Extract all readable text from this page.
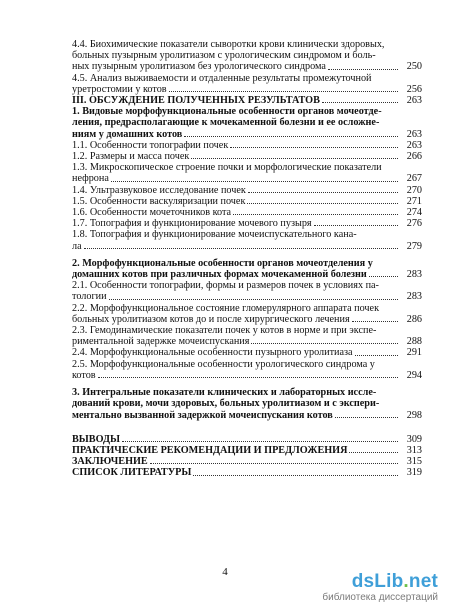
4.4. Биохимические показатели сыворотки крови клинически здоровых,
больных пузырным уролитиазом с урологическим синдромом и боль-
ных пузырным уролитиазом без урологического синдрома	250
4.5. Анализ выживаемости и отдаленные результаты промежуточной
уретростомии у котов	256
III. ОБСУЖДЕНИЕ ПОЛУЧЕННЫХ РЕЗУЛЬТАТОВ	263
1. Видовые морфофункциональные особенности органов мочеотде-
ления, предрасполагающие к мочекаменной болезни и ее осложне-
ниям у домашних котов	263
1.1. Особенности топографии почек	263
1.2. Размеры и масса почек	266
1.3. Микроскопическое строение почки и морфологические показатели
нефрона	267
1.4. Ультразвуковое исследование почек	270
1.5. Особенности васкуляризации почек	271
1.6. Особенности мочеточников кота	274
1.7. Топография и функционирование мочевого пузыря	276
1.8. Топография и функционирование мочеиспускательного кана-
ла	279
2. Морфофункциональные особенности органов мочеотделения у
домашних котов при различных формах мочекаменной болезни	283
2.1. Особенности топографии, формы и размеров почек в условиях па-
тологии	283
2.2. Морфофункциональное состояние гломерулярного аппарата почек
больных уролитиазом котов до и после хирургического лечения	286
2.3. Гемодинамические показатели почек у котов в норме и при экспе-
риментальной задержке мочеиспускания	288
2.4. Морфофункциональные особенности пузырного уролитиаза	291
2.5. Морфофункциональные особенности урологического синдрома у
котов	294
3. Интегральные показатели клинических и лабораторных иссле-
дований крови, мочи здоровых, больных уролитиазом и с экспери-
ментально вызванной задержкой мочеиспускания котов	298
ВЫВОДЫ	309
ПРАКТИЧЕСКИЕ РЕКОМЕНДАЦИИ И ПРЕДЛОЖЕНИЯ	313
ЗАКЛЮЧЕНИЕ	315
СПИСОК ЛИТЕРАТУРЫ	319
4	dsLib.net
библиотека диссертаций
